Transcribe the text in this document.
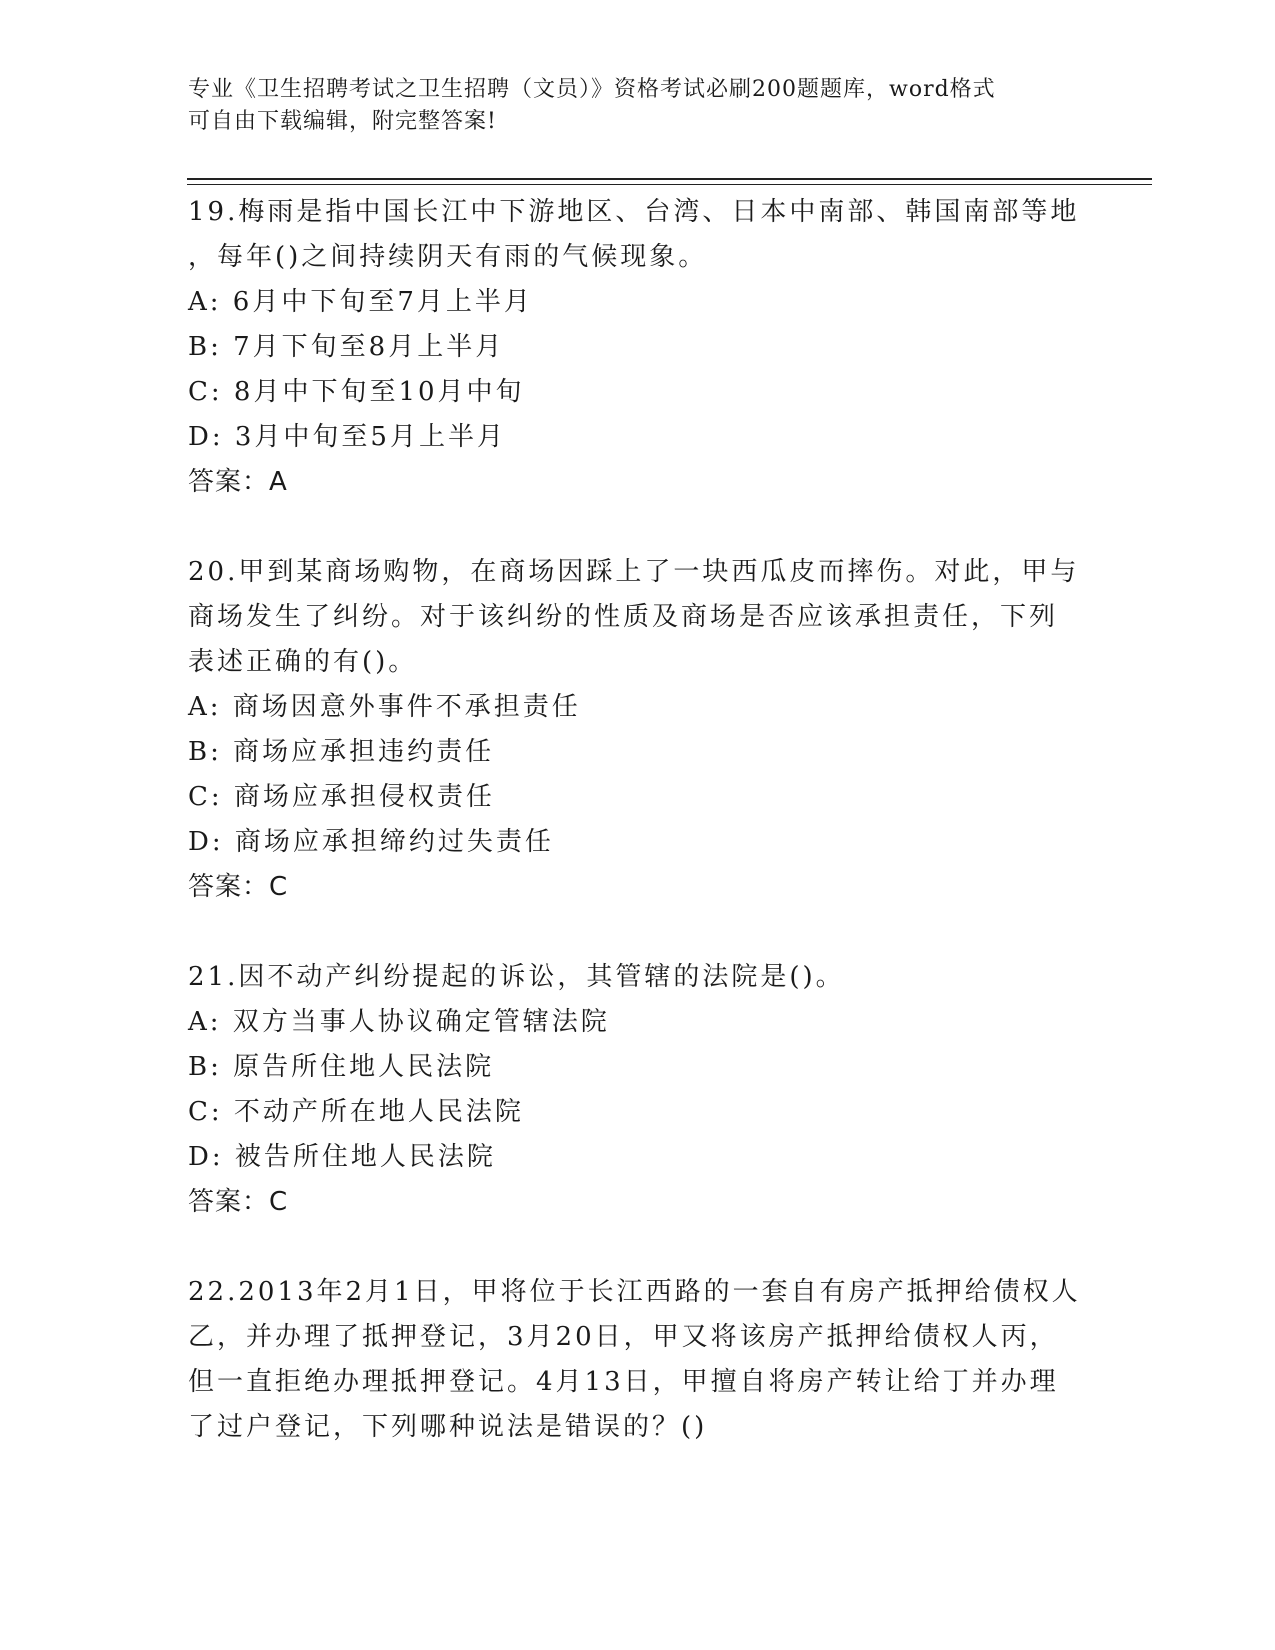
专业《卫生招聘考试之卫生招聘（文员）》资格考试必刷200题题库，word格式
可自由下载编辑，附完整答案!
19.梅雨是指中国长江中下游地区、台湾、日本中南部、韩国南部等地
，每年()之间持续阴天有雨的气候现象。
A: 6月中下旬至7月上半月
B: 7月下旬至8月上半月
C: 8月中下旬至10月中旬
D: 3月中旬至5月上半月
答案：A
20.甲到某商场购物，在商场因踩上了一块西瓜皮而摔伤。对此，甲与
商场发生了纠纷。对于该纠纷的性质及商场是否应该承担责任，下列
表述正确的有()。
A: 商场因意外事件不承担责任
B: 商场应承担违约责任
C: 商场应承担侵权责任
D: 商场应承担缔约过失责任
答案：C
21.因不动产纠纷提起的诉讼，其管辖的法院是()。
A: 双方当事人协议确定管辖法院
B: 原告所住地人民法院
C: 不动产所在地人民法院
D: 被告所住地人民法院
答案：C
22.2013年2月1日，甲将位于长江西路的一套自有房产抵押给债权人
乙，并办理了抵押登记，3月20日，甲又将该房产抵押给债权人丙，
但一直拒绝办理抵押登记。4月13日，甲擅自将房产转让给丁并办理
了过户登记，下列哪种说法是错误的？()
